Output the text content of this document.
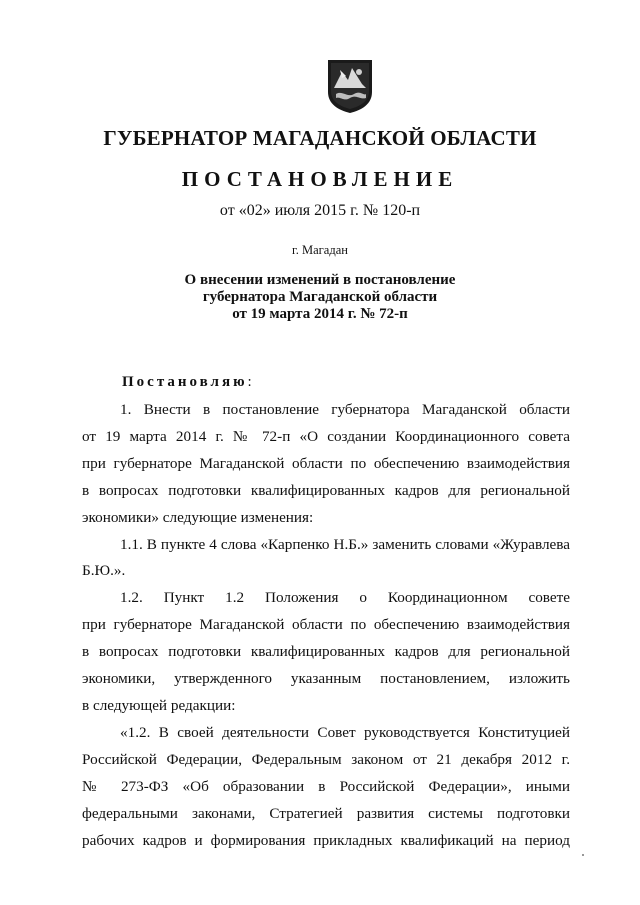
ГУБЕРНАТОР МАГАДАНСКОЙ ОБЛАСТИ
ПОСТАНОВЛЕНИЕ
от «02» июля 2015 г. № 120-п
г. Магадан
О внесении изменений в постановление
губернатора Магаданской области
от 19 марта 2014 г. № 72-п
Постановляю:
1. Внести в постановление губернатора Магаданской области
от 19 марта 2014 г. № 72-п «О создании Координационного совета
при губернаторе Магаданской области по обеспечению взаимодействия
в вопросах подготовки квалифицированных кадров для региональной
экономики» следующие изменения:
1.1. В пункте 4 слова «Карпенко Н.Б.» заменить словами «Журавлева
Б.Ю.».
1.2. Пункт 1.2 Положения о Координационном совете
при губернаторе Магаданской области по обеспечению взаимодействия
в вопросах подготовки квалифицированных кадров для региональной
экономики, утвержденного указанным постановлением, изложить
в следующей редакции:
«1.2. В своей деятельности Совет руководствуется Конституцией
Российской Федерации, Федеральным законом от 21 декабря 2012 г.
№ 273-ФЗ «Об образовании в Российской Федерации», иными
федеральными законами, Стратегией развития системы подготовки
рабочих кадров и формирования прикладных квалификаций на период
